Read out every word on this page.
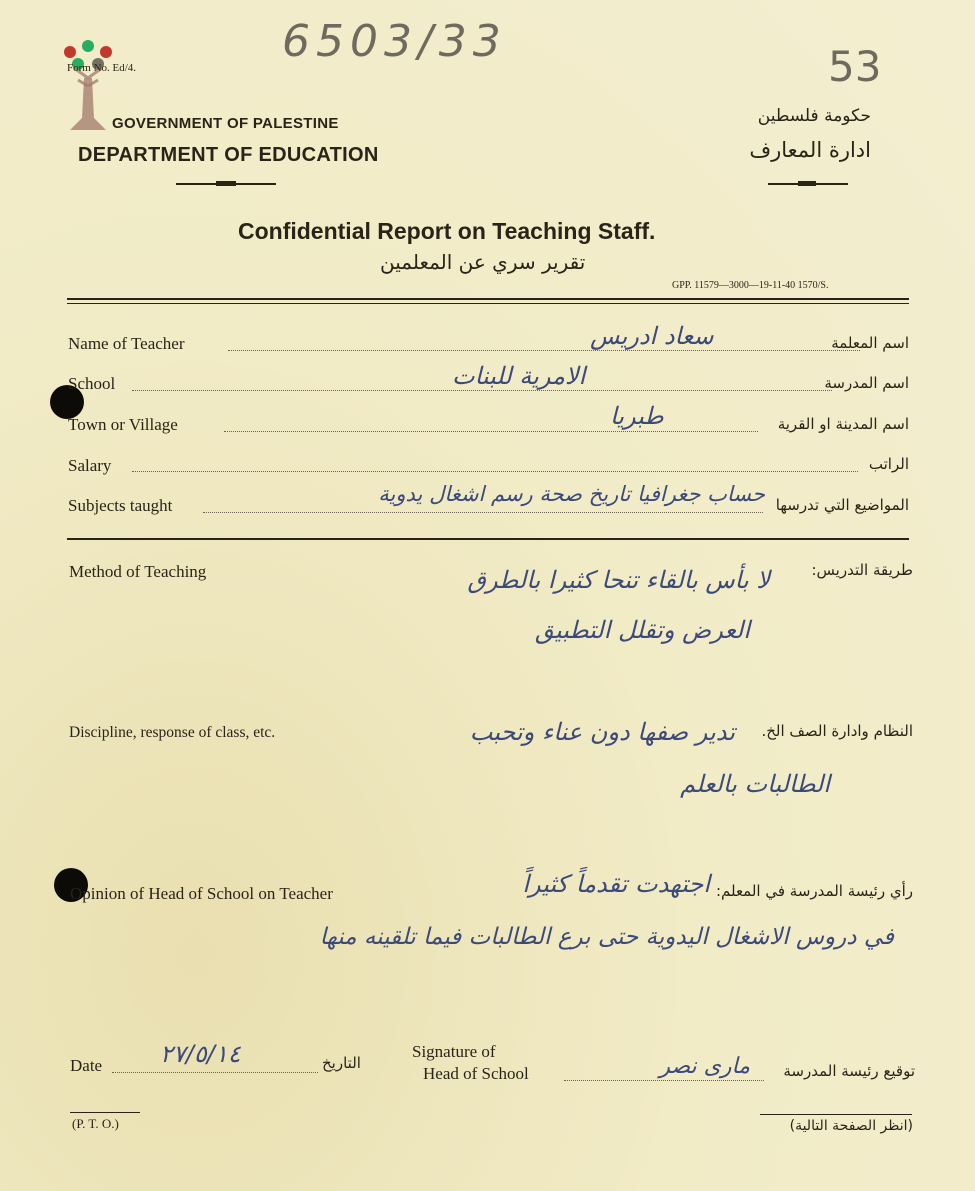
6503/33	53
Form No. Ed/4.
GOVERNMENT OF PALESTINE
DEPARTMENT OF EDUCATION
حكومة فلسطين
ادارة المعارف
Confidential Report on Teaching Staff.
تقرير سري عن المعلمين
GPP. 11579—3000—19-11-40 1570/S.
Name of Teacher	سعاد ادريس	اسم المعلمة
School	الامرية للبنات	اسم المدرسة
Town or Village	طبريا	اسم المدينة او القرية
Salary	الراتب
Subjects taught	حساب جغرافيا تاريخ صحة رسم اشغال يدوية المواضيع التي تدرسها
Method of Teaching	طريقة التدريس:
لا بأس بالقاء تنحا كثيرا بالطرق
العرض وتقلل التطبيق
Discipline, response of class, etc.	النظام وادارة الصف الخ.
تدير صفها دون عناء وتحبب
الطالبات بالعلم
Opinion of Head of School on Teacher	رأي رئيسة المدرسة في المعلم:
اجتهدت تقدماً كثيراً
في دروس الاشغال اليدوية حتى برع الطالبات فيما تلقينه منها
Date ٢٧/٥/١٤	التاريخ
Signature of
Head of School	مارى نصر توقيع رئيسة المدرسة
(P. T. O.)	(انظر الصفحة التالية)
